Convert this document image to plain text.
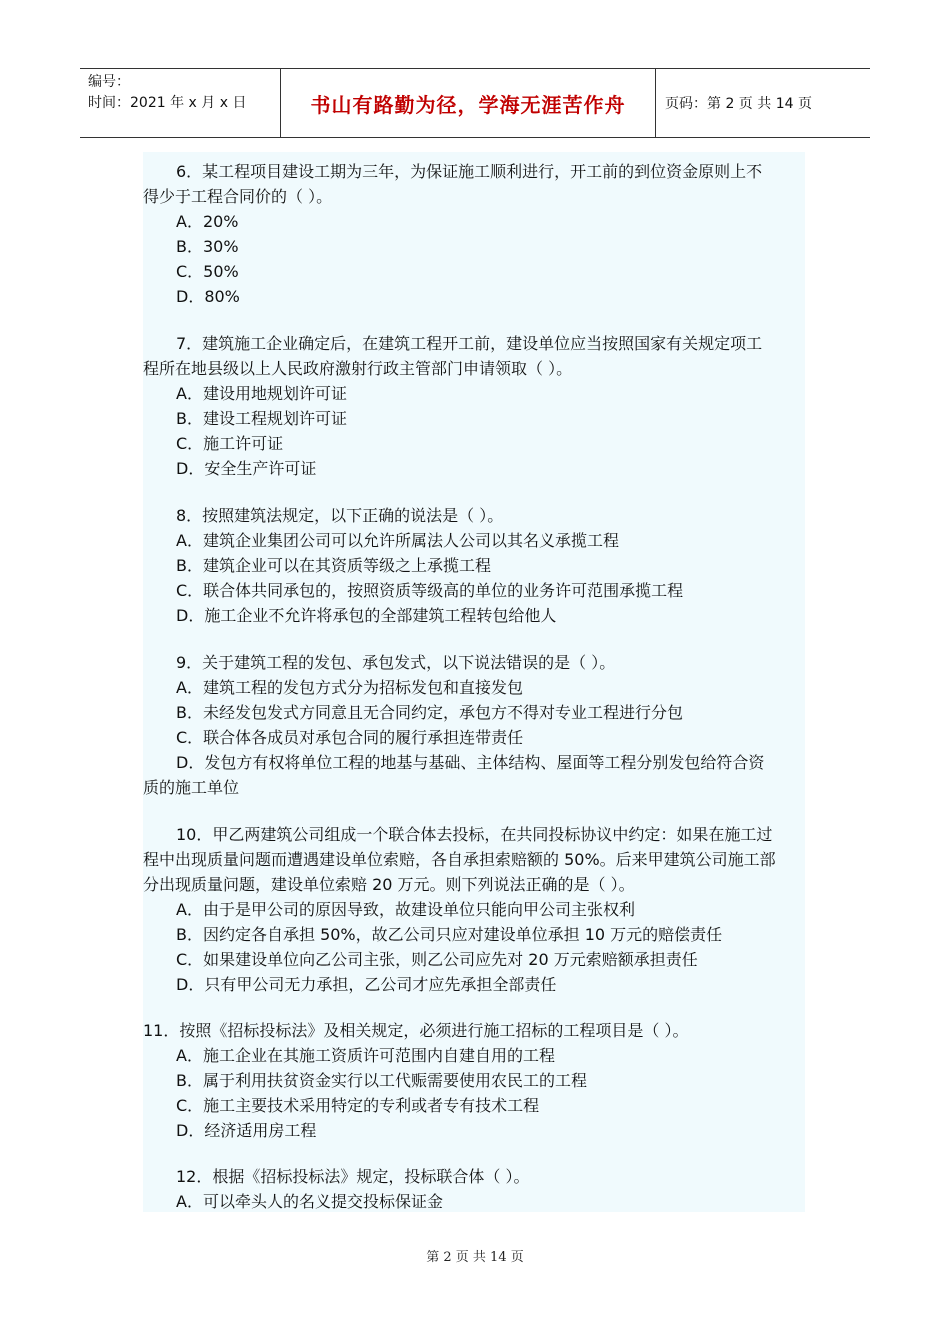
编号：
时间：2021 年 x 月 x 日	书山有路勤为径，学海无涯苦作舟	页码：第 2 页 共 14 页
6．某工程项目建设工期为三年，为保证施工顺利进行，开工前的到位资金原则上不
得少于工程合同价的（ ）。
A．20%
B．30%
C．50%
D．80%
7．建筑施工企业确定后，在建筑工程开工前，建设单位应当按照国家有关规定项工
程所在地县级以上人民政府激射行政主管部门申请领取（ ）。
A．建设用地规划许可证
B．建设工程规划许可证
C．施工许可证
D．安全生产许可证
8．按照建筑法规定，以下正确的说法是（ ）。
A．建筑企业集团公司可以允许所属法人公司以其名义承揽工程
B．建筑企业可以在其资质等级之上承揽工程
C．联合体共同承包的，按照资质等级高的单位的业务许可范围承揽工程
D．施工企业不允许将承包的全部建筑工程转包给他人
9．关于建筑工程的发包、承包发式，以下说法错误的是（ ）。
A．建筑工程的发包方式分为招标发包和直接发包
B．未经发包发式方同意且无合同约定，承包方不得对专业工程进行分包
C．联合体各成员对承包合同的履行承担连带责任
D．发包方有权将单位工程的地基与基础、主体结构、屋面等工程分别发包给符合资
质的施工单位
10．甲乙两建筑公司组成一个联合体去投标，在共同投标协议中约定：如果在施工过
程中出现质量问题而遭遇建设单位索赔，各自承担索赔额的 50%。后来甲建筑公司施工部
分出现质量问题，建设单位索赔 20 万元。则下列说法正确的是（ ）。
A．由于是甲公司的原因导致，故建设单位只能向甲公司主张权利
B．因约定各自承担 50%，故乙公司只应对建设单位承担 10 万元的赔偿责任
C．如果建设单位向乙公司主张，则乙公司应先对 20 万元索赔额承担责任
D．只有甲公司无力承担，乙公司才应先承担全部责任
11．按照《招标投标法》及相关规定，必须进行施工招标的工程项目是（ ）。
A．施工企业在其施工资质许可范围内自建自用的工程
B．属于利用扶贫资金实行以工代赈需要使用农民工的工程
C．施工主要技术采用特定的专利或者专有技术工程
D．经济适用房工程
12．根据《招标投标法》规定，投标联合体（ ）。
A．可以牵头人的名义提交投标保证金
第 2 页 共 14 页
